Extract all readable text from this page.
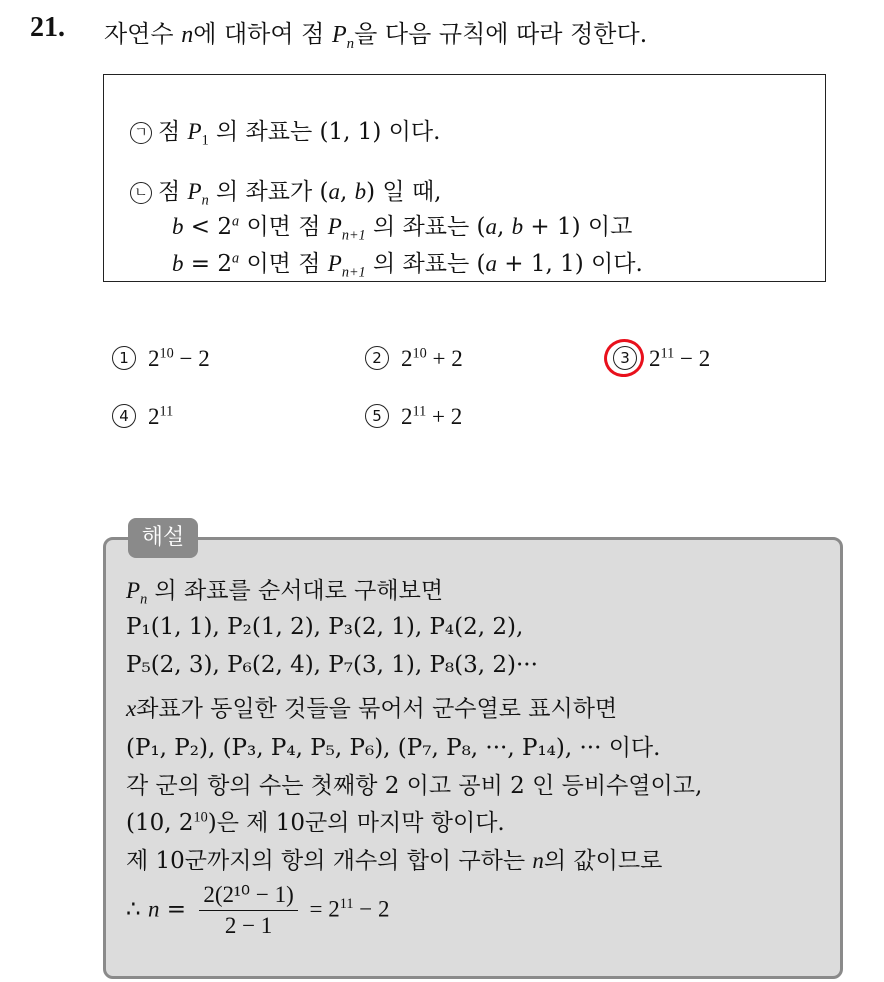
21. 자연수 n에 대하여 점 $P_n$을 다음 규칙에 따라 정한다.
ㄱ 점 $P_1$ 의 좌표는 (1, 1) 이다.
ㄴ 점 $P_n$ 의 좌표가 (a, b) 일 때,
$b < 2^a$ 이면 점 $P_{n+1}$ 의 좌표는 (a, b + 1) 이고
$b = 2^a$ 이면 점 $P_{n+1}$ 의 좌표는 (a + 1, 1) 이다.
1 $2^{10} - 2$	2 $2^{10} + 2$	3 $2^{11} - 2$
4 $2^{11}$	5 $2^{11} + 2$
해설
$P_n$ 의 좌표를 순서대로 구해보면
P₁(1, 1), P₂(1, 2), P₃(2, 1), P₄(2, 2),
P₅(2, 3), P₆(2, 4), P₇(3, 1), P₈(3, 2)···
x좌표가 동일한 것들을 묶어서 군수열로 표시하면
(P₁, P₂), (P₃, P₄, P₅, P₆), (P₇, P₈, ···, P₁₄), ··· 이다.
각 군의 항의 수는 첫째항 2 이고 공비 2 인 등비수열이고,
(10, $2^{10}$)은 제 10군의 마지막 항이다.
제 10군까지의 항의 개수의 합이 구하는 n의 값이므로
∴ $n = \frac{\text{2(2¹⁰ − 1)}}{2 - 1} = 2^{11} - 2$
